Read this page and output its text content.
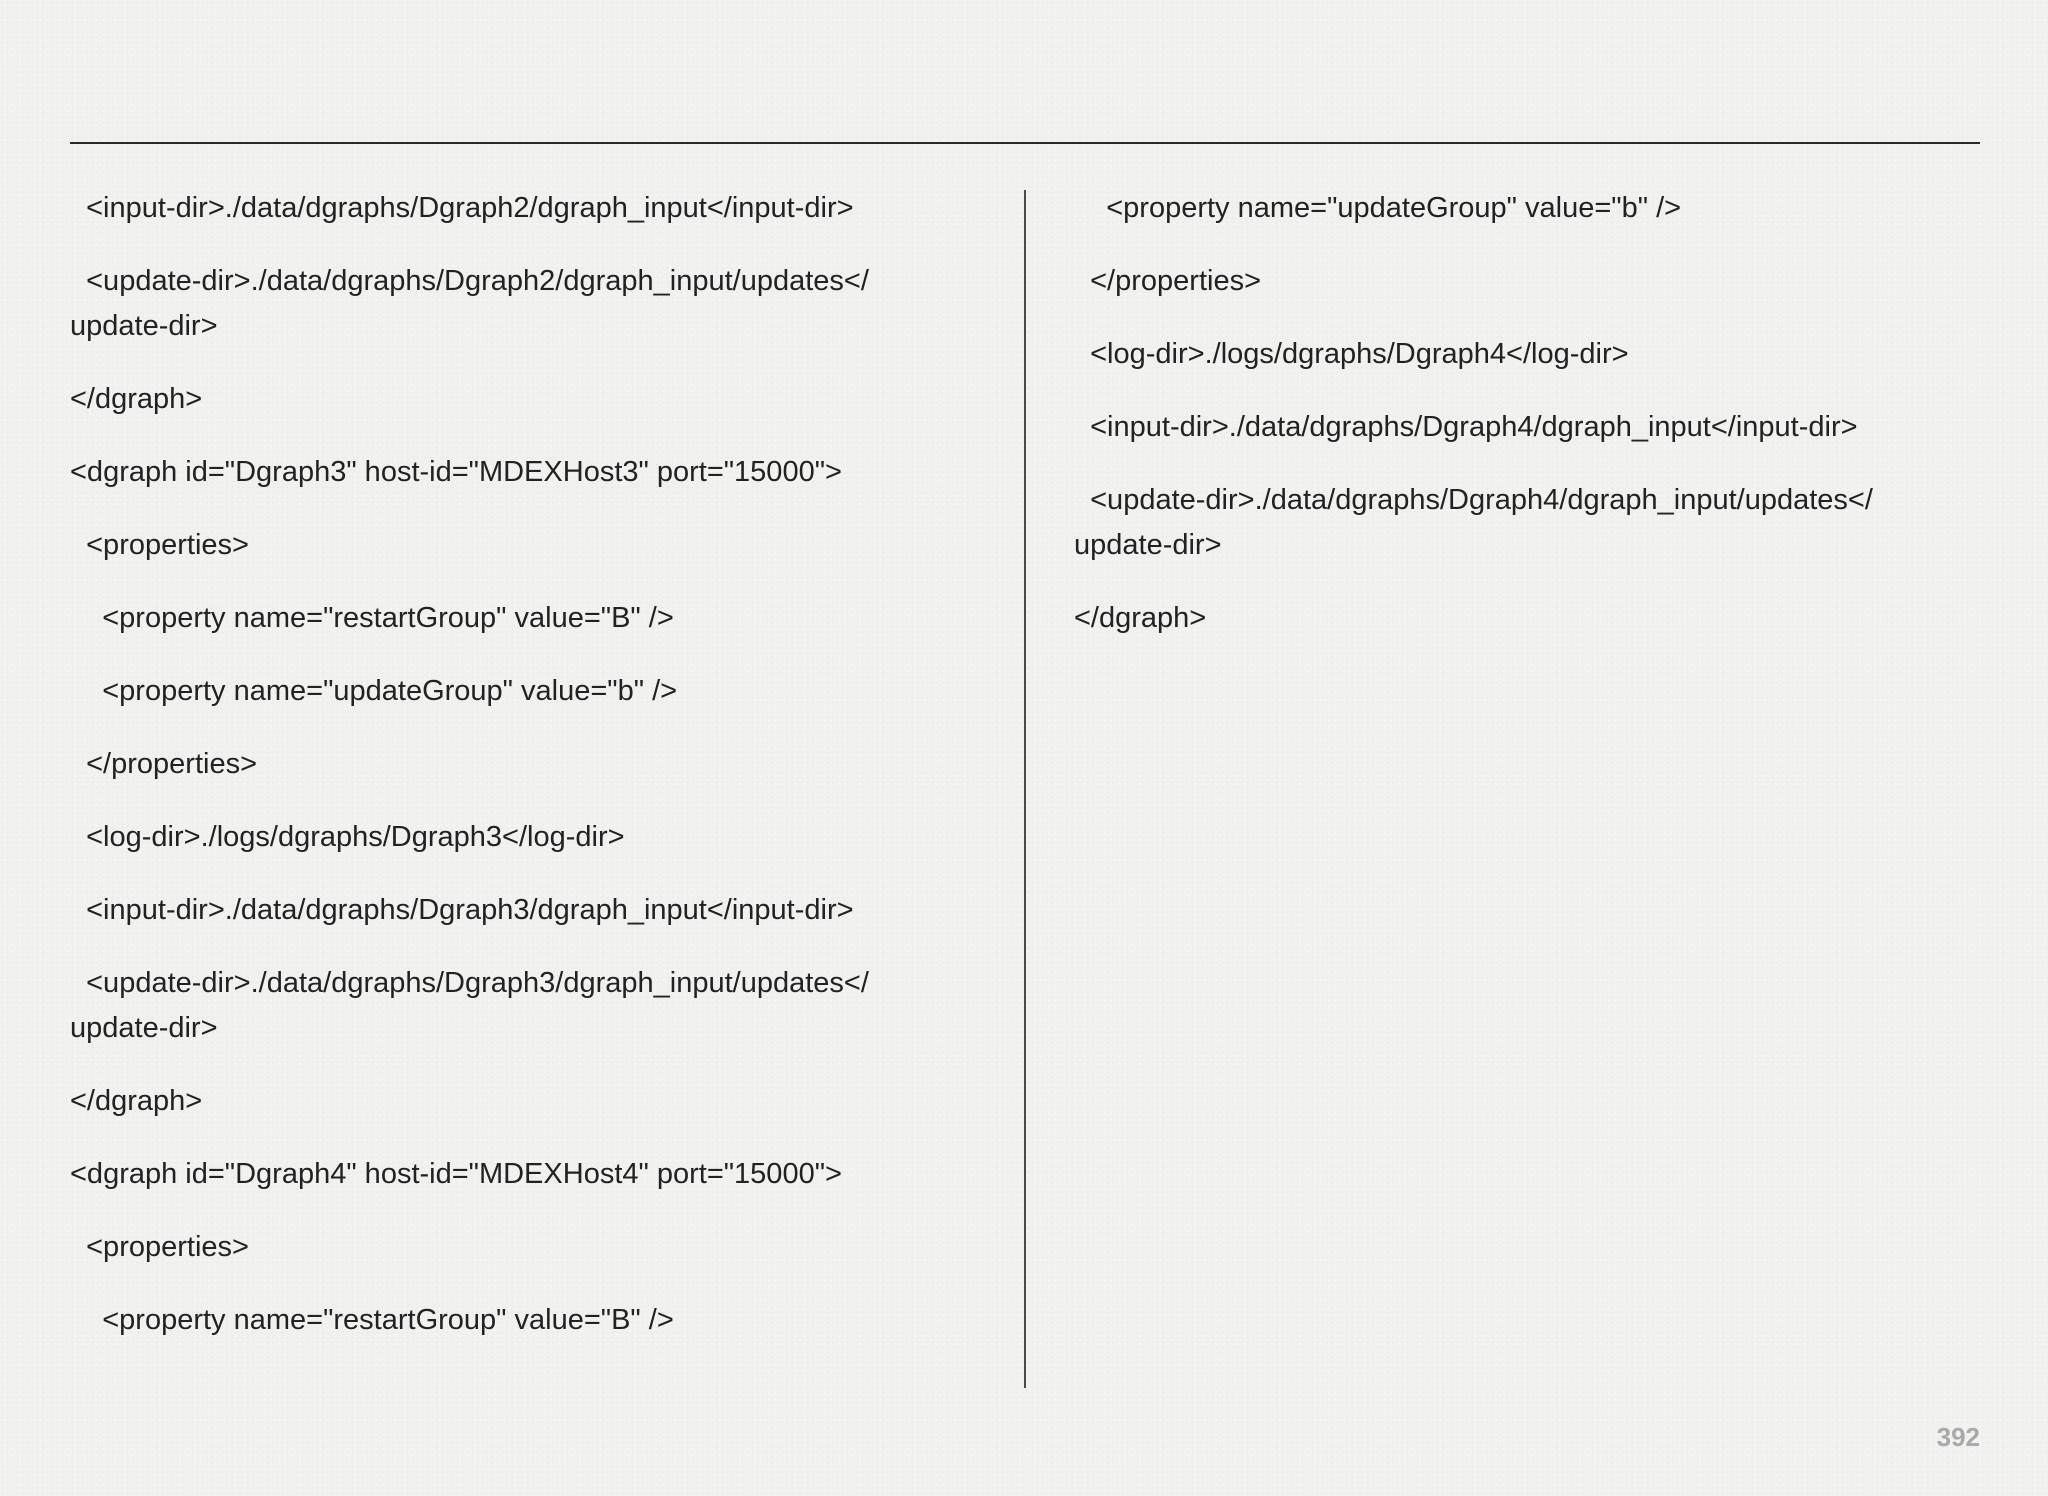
<input-dir>./data/dgraphs/Dgraph2/dgraph_input</input-dir>

<update-dir>./data/dgraphs/Dgraph2/dgraph_input/updates</
update-dir>

</dgraph>

<dgraph id="Dgraph3" host-id="MDEXHost3" port="15000">

<properties>

<property name="restartGroup" value="B" />

<property name="updateGroup" value="b" />

</properties>

<log-dir>./logs/dgraphs/Dgraph3</log-dir>

<input-dir>./data/dgraphs/Dgraph3/dgraph_input</input-dir>

<update-dir>./data/dgraphs/Dgraph3/dgraph_input/updates</
update-dir>

</dgraph>

<dgraph id="Dgraph4" host-id="MDEXHost4" port="15000">

<properties>

<property name="restartGroup" value="B" />

<property name="updateGroup" value="b" />

</properties>

<log-dir>./logs/dgraphs/Dgraph4</log-dir>

<input-dir>./data/dgraphs/Dgraph4/dgraph_input</input-dir>

<update-dir>./data/dgraphs/Dgraph4/dgraph_input/updates</
update-dir>

</dgraph>

392
